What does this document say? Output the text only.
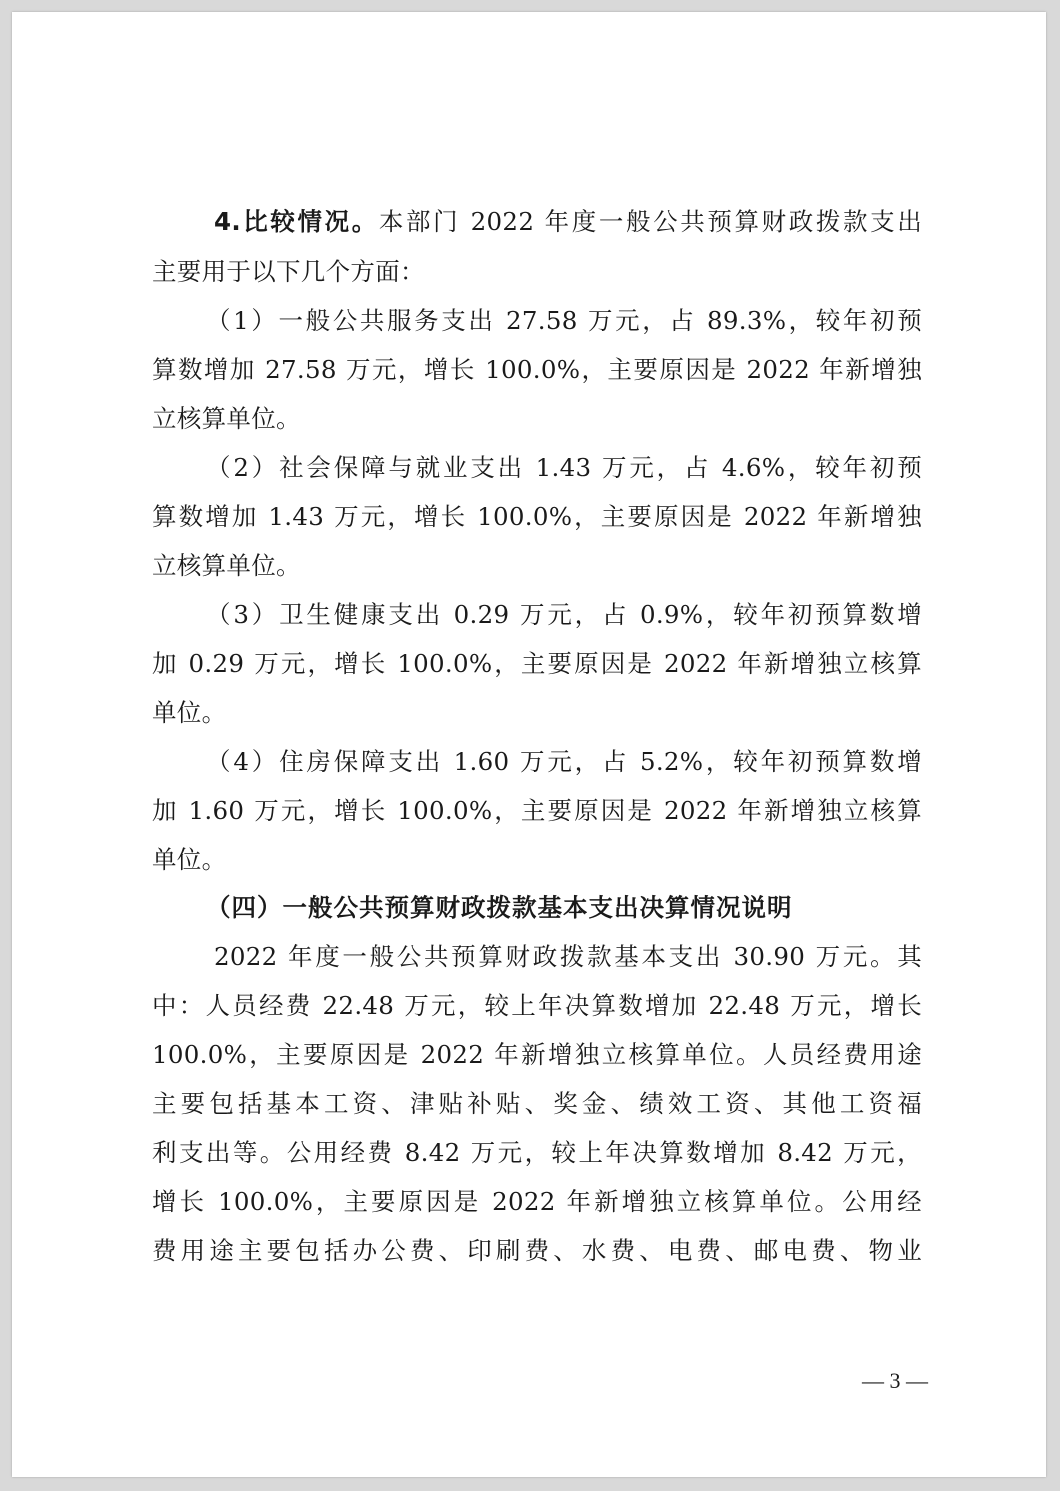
4.比较情况。本部门 2022 年度一般公共预算财政拨款支出
主要用于以下几个方面：
（1）一般公共服务支出 27.58 万元，占 89.3%，较年初预
算数增加 27.58 万元，增长 100.0%，主要原因是 2022 年新增独
立核算单位。
（2）社会保障与就业支出 1.43 万元，占 4.6%，较年初预
算数增加 1.43 万元，增长 100.0%，主要原因是 2022 年新增独
立核算单位。
（3）卫生健康支出 0.29 万元，占 0.9%，较年初预算数增
加 0.29 万元，增长 100.0%，主要原因是 2022 年新增独立核算
单位。
（4）住房保障支出 1.60 万元，占 5.2%，较年初预算数增
加 1.60 万元，增长 100.0%，主要原因是 2022 年新增独立核算
单位。
（四）一般公共预算财政拨款基本支出决算情况说明
2022 年度一般公共预算财政拨款基本支出 30.90 万元。其
中：人员经费 22.48 万元，较上年决算数增加 22.48 万元，增长
100.0%，主要原因是 2022 年新增独立核算单位。人员经费用途
主要包括基本工资、津贴补贴、奖金、绩效工资、其他工资福
利支出等。公用经费 8.42 万元，较上年决算数增加 8.42 万元，
增长 100.0%，主要原因是 2022 年新增独立核算单位。公用经
费用途主要包括办公费、印刷费、水费、电费、邮电费、物业
— 3 —
